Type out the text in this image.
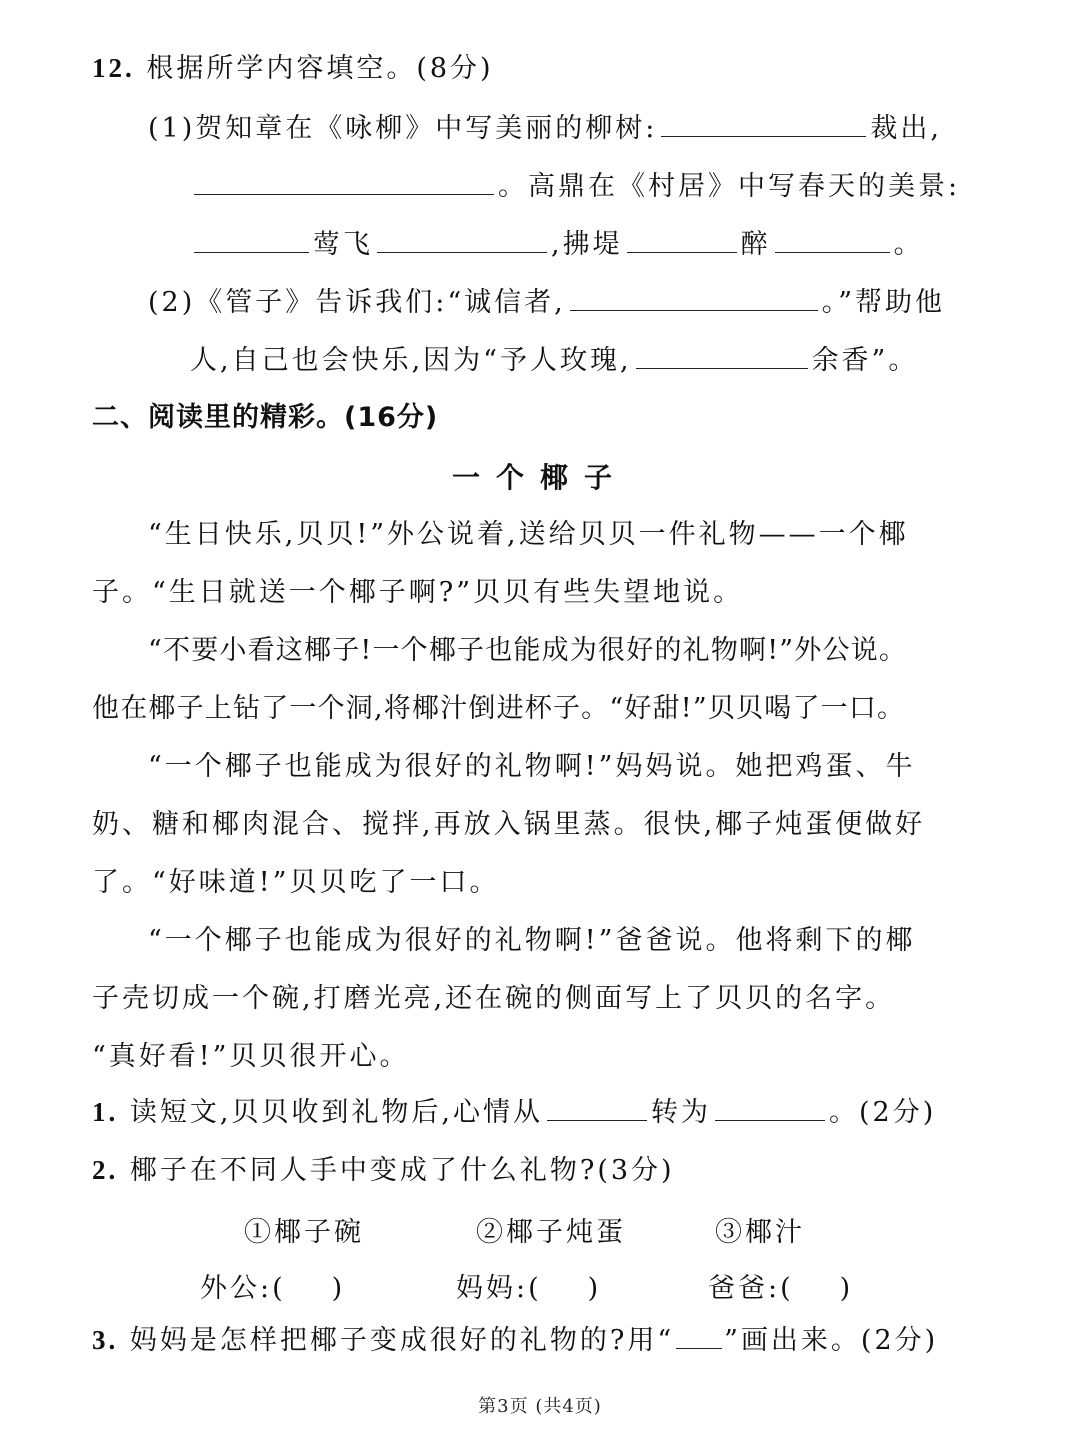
12. 根据所学内容填空。(8分)
(1)贺知章在《咏柳》中写美丽的柳树:	裁出,
。高鼎在《村居》中写春天的美景:
莺飞	,拂堤	醉	。
(2)《管子》告诉我们:“诚信者,	。”帮助他
人,自己也会快乐,因为“予人玫瑰,	余香”。
二、阅读里的精彩。(16分)
一个椰子
“生日快乐,贝贝!”外公说着,送给贝贝一件礼物——一个椰
子。“生日就送一个椰子啊?”贝贝有些失望地说。
“不要小看这椰子!一个椰子也能成为很好的礼物啊!”外公说。
他在椰子上钻了一个洞,将椰汁倒进杯子。“好甜!”贝贝喝了一口。
“一个椰子也能成为很好的礼物啊!”妈妈说。她把鸡蛋、牛
奶、糖和椰肉混合、搅拌,再放入锅里蒸。很快,椰子炖蛋便做好
了。“好味道!”贝贝吃了一口。
“一个椰子也能成为很好的礼物啊!”爸爸说。他将剩下的椰
子壳切成一个碗,打磨光亮,还在碗的侧面写上了贝贝的名字。
“真好看!”贝贝很开心。
1. 读短文,贝贝收到礼物后,心情从	转为	。(2分)
2. 椰子在不同人手中变成了什么礼物?(3分)
①椰子碗	②椰子炖蛋	③椰汁
外公:( )	妈妈:( )	爸爸:( )
3. 妈妈是怎样把椰子变成很好的礼物的?用“ ”画出来。(2分)
第3页 (共4页)
